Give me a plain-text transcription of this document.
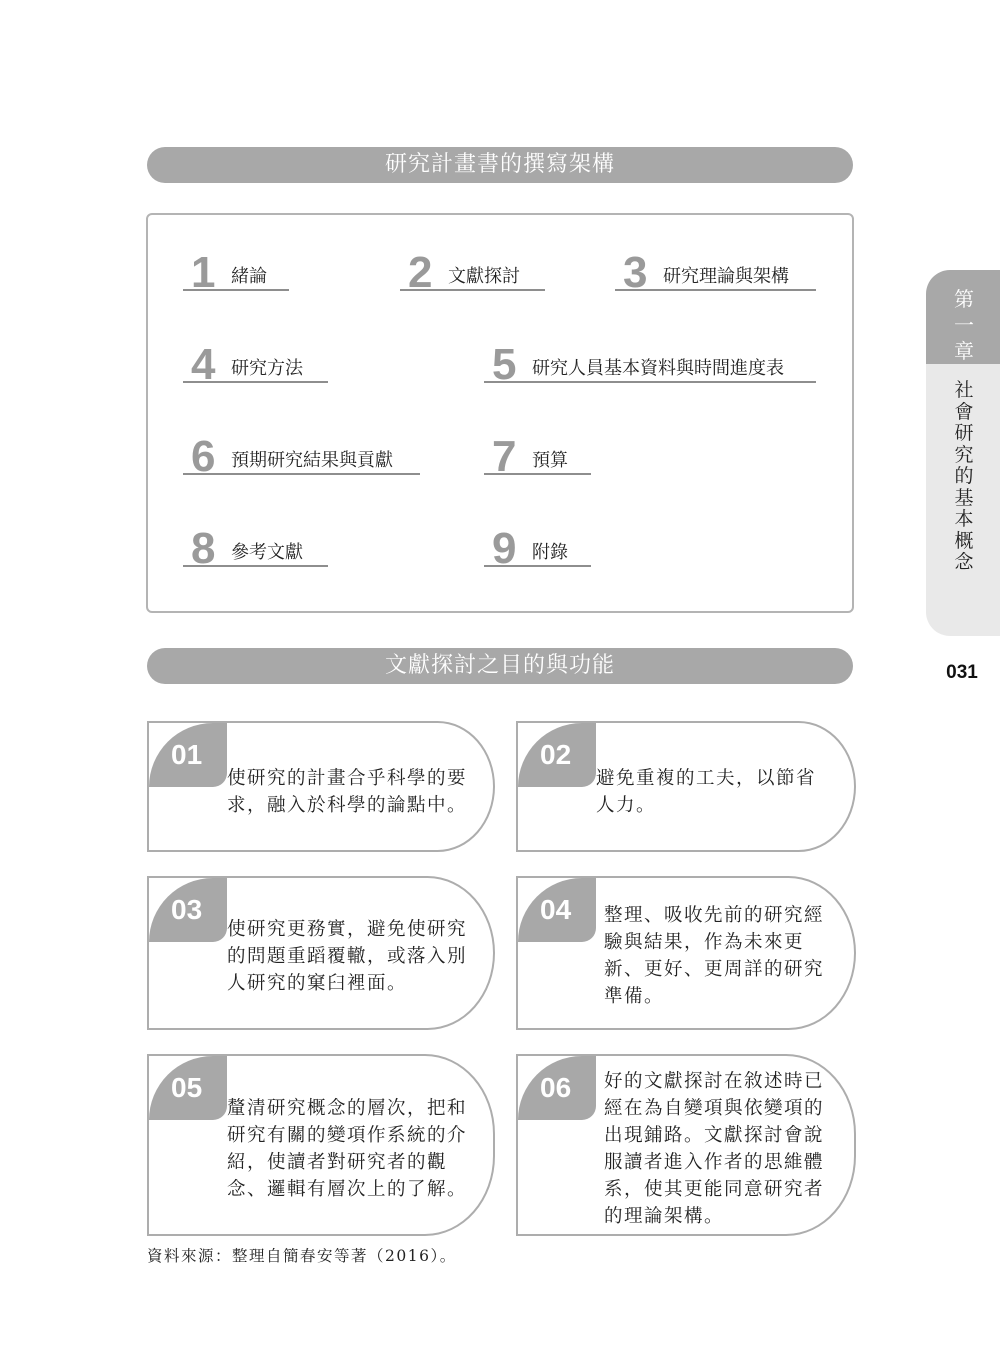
研究計畫書的撰寫架構
1 緒論	2 文獻探討 3 研究理論與架構
4 研究方法	5 研究人員基本資料與時間進度表
6 預期研究結果與貢獻 7 預算
8 參考文獻	9 附錄
文獻探討之目的與功能
01
使研究的計畫合乎科學的要
求，融入於科學的論點中。
02
避免重複的工夫，以節省
人力。
03
使研究更務實，避免使研究
的問題重蹈覆轍，或落入別
人研究的窠臼裡面。
04 整理、吸收先前的研究經
驗與結果，作為未來更
新、更好、更周詳的研究
準備。
05
釐清研究概念的層次，把和
研究有關的變項作系統的介
紹，使讀者對研究者的觀
念、邏輯有層次上的了解。
06 好的文獻探討在敘述時已
經在為自變項與依變項的
出現鋪路。文獻探討會說
服讀者進入作者的思維體
系，使其更能同意研究者
的理論架構。
資料來源：整理自簡春安等著（2016）。
第
一
章
社
會
研
究
的
基
本
概
念
031
